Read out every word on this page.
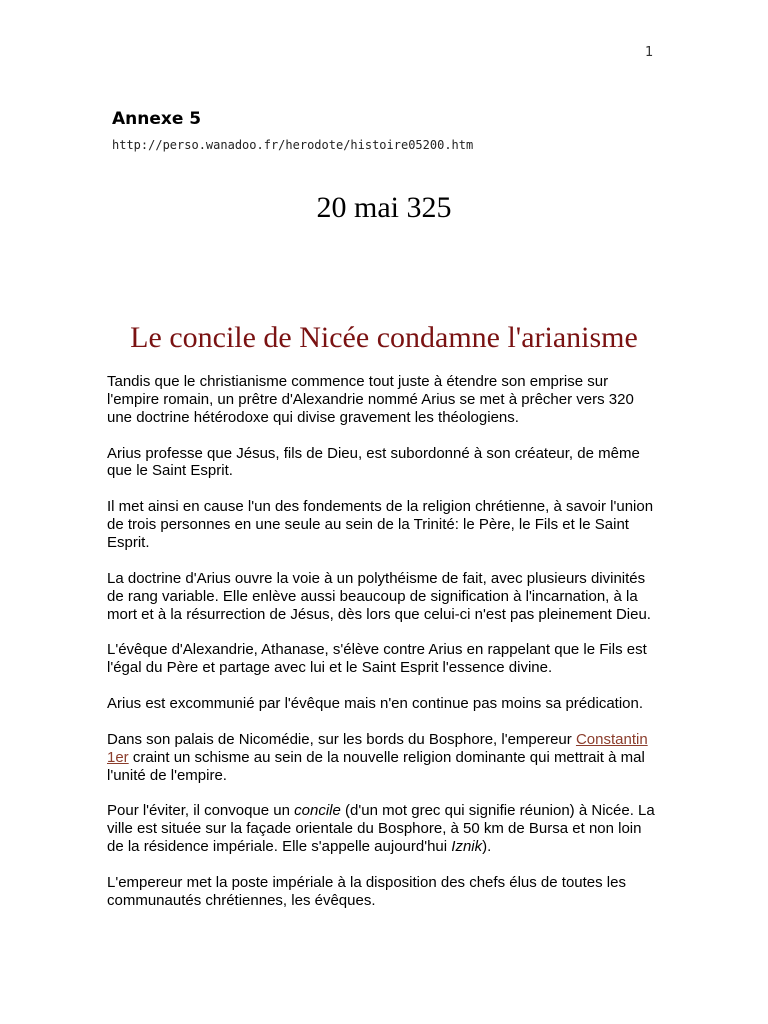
1
Annexe 5
http://perso.wanadoo.fr/herodote/histoire05200.htm
20 mai 325
Le concile de Nicée condamne l'arianisme
Tandis que le christianisme commence tout juste à étendre son emprise sur
l'empire romain, un prêtre d'Alexandrie nommé Arius se met à prêcher vers 320
une doctrine hétérodoxe qui divise gravement les théologiens.
Arius professe que Jésus, fils de Dieu, est subordonné à son créateur, de même
que le Saint Esprit.
Il met ainsi en cause l'un des fondements de la religion chrétienne, à savoir l'union
de trois personnes en une seule au sein de la Trinité: le Père, le Fils et le Saint
Esprit.
La doctrine d'Arius ouvre la voie à un polythéisme de fait, avec plusieurs divinités
de rang variable. Elle enlève aussi beaucoup de signification à l'incarnation, à la
mort et à la résurrection de Jésus, dès lors que celui-ci n'est pas pleinement Dieu.
L'évêque d'Alexandrie, Athanase, s'élève contre Arius en rappelant que le Fils est
l'égal du Père et partage avec lui et le Saint Esprit l'essence divine.
Arius est excommunié par l'évêque mais n'en continue pas moins sa prédication.
Dans son palais de Nicomédie, sur les bords du Bosphore, l'empereur Constantin
1er craint un schisme au sein de la nouvelle religion dominante qui mettrait à mal
l'unité de l'empire.
Pour l'éviter, il convoque un concile (d'un mot grec qui signifie réunion) à Nicée. La
ville est située sur la façade orientale du Bosphore, à 50 km de Bursa et non loin
de la résidence impériale. Elle s'appelle aujourd'hui Iznik).
L'empereur met la poste impériale à la disposition des chefs élus de toutes les
communautés chrétiennes, les évêques.
